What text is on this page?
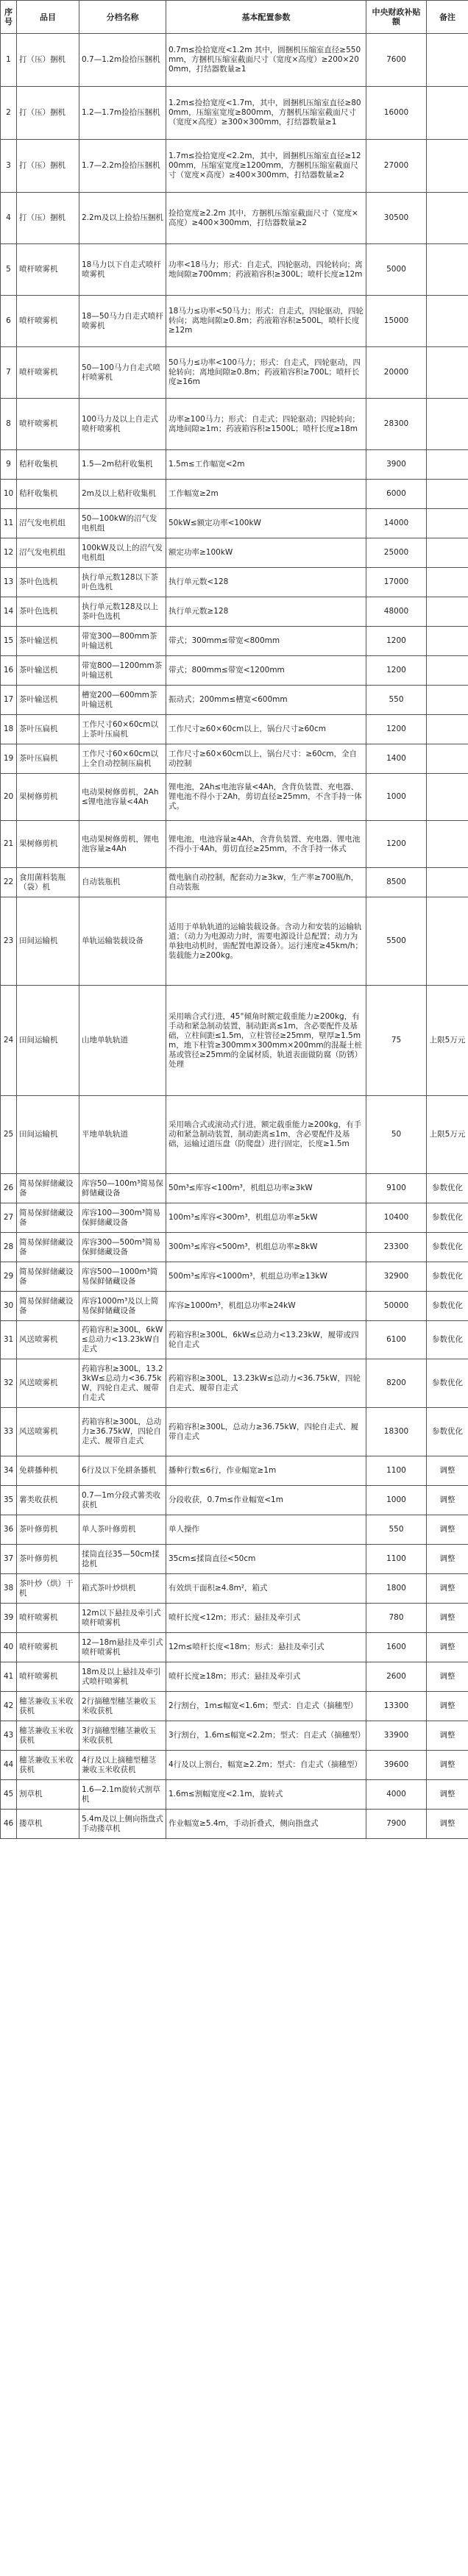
序号	品目	分档名称	基本配置参数	中央财政补贴额	备注
1	打（压）捆机	0.7—1.2m捡拾压捆机	0.7m≤捡拾宽度<1.2m 其中，圆捆机压缩室直径≥550mm，方捆机压缩室截面尺寸（宽度×高度）≥200×200mm，打结器数量≥1	7600	
2	打（压）捆机	1.2—1.7m捡拾压捆机	1.2m≤捡拾宽度<1.7m，其中，圆捆机压缩室直径≥800mm，压缩室宽度≥800mm，方捆机压缩室截面尺寸（宽度×高度）≥300×300mm，打结器数量≥1	16000	
3	打（压）捆机	1.7—2.2m捡拾压捆机	1.7m≤捡拾宽度<2.2m，其中，圆捆机压缩室直径≥1200mm，压缩室宽度≥1200mm，方捆机压缩室截面尺寸（宽度×高度）≥400×300mm，打结器数量≥2	27000	
4	打（压）捆机	2.2m及以上捡拾压捆机	捡拾宽度≥2.2m 其中，方捆机压缩室截面尺寸（宽度×高度）≥400×300mm，打结器数量≥2	30500	
5	喷杆喷雾机	18马力以下自走式喷杆喷雾机	功率<18马力；形式：自走式，四轮驱动，四轮转向；离地间隙≥700mm；药液箱容积≥300L；喷杆长度≥12m	5000	
6	喷杆喷雾机	18—50马力自走式喷杆喷雾机	18马力≤功率<50马力；形式：自走式，四轮驱动，四轮转向；离地间隙≥0.8m；药液箱容积≥500L，喷杆长度≥12m	15000	
7	喷杆喷雾机	50—100马力自走式喷杆喷雾机	50马力≤功率<100马力；形式：自走式，四轮驱动，四轮转向；离地间隙≥0.8m；药液箱容积≥700L；喷杆长度≥16m	20000	
8	喷杆喷雾机	100马力及以上自走式喷杆喷雾机	功率≥100马力；形式：自走式；四轮驱动；四轮转向；离地间隙≥1m；药液箱容积≥1500L；喷杆长度≥18m	28300	
9	秸秆收集机	1.5—2m秸秆收集机	1.5m≤工作幅宽<2m	3900	
10	秸秆收集机	2m及以上秸秆收集机	工作幅宽≥2m	6000	
11	沼气发电机组	50—100kW的沼气发电机组	50kW≤额定功率<100kW	14000	
12	沼气发电机组	100kW及以上的沼气发电机组	额定功率≥100kW	25000	
13	茶叶色选机	执行单元数128以下茶叶色选机	执行单元数<128	17000	
14	茶叶色选机	执行单元数128及以上茶叶色选机	执行单元数≥128	48000	
15	茶叶输送机	带宽300—800mm茶叶输送机	带式；300mm≤带宽<800mm	1200	
16	茶叶输送机	带宽800—1200mm茶叶输送机	带式；800mm≤带宽<1200mm	1200	
17	茶叶输送机	槽宽200—600mm茶叶输送机	振动式；200mm≤槽宽<600mm	550	
18	茶叶压扁机	工作尺寸60×60cm以上茶叶压扁机	工作尺寸≥60×60cm以上，锅台尺寸≥60cm	1200	
19	茶叶压扁机	工作尺寸60×60cm以上全自动控制压扁机	工作尺寸≥60×60cm以上，锅台尺寸：≥60cm，全自动控制	1400	
20	果树修剪机	电动果树修剪机，2Ah≤锂电池容量<4Ah	锂电池，2Ah≤电池容量<4Ah，含背负装置、充电器、锂电池不得小于2Ah，剪切直径≥25mm，不含手持一体式。	1000	
21	果树修剪机	电动果树修剪机，锂电池容量≥4Ah	锂电池，电池容量≥4Ah，含背负装置、充电器、锂电池不得小于4Ah，剪切直径≥25mm，不含手持一体式	1200	
22	食用菌料装瓶（袋）机	自动装瓶机	微电脑自动控制，配套动力≥3kw，生产率≥700瓶/h，自动装瓶	8500	
23	田间运输机	单轨运输装载设备	适用于单轨轨道的运输装载设备。含动力和安装的运输轨道；（动力为电源动力时，需要电源设计总配置；动力为单独电动机时，需配置电源设备）。运行速度≥45km/h；装载能力≥200kg。	5500	
24	田间运输机	山地单轨轨道	采用啮合式行进，45°倾角时额定载重能力≥200kg，有手动和紧急制动装置，制动距离≤1m，含必要配件及基础，立柱间距≤1.5m，立柱管径≥25mm，壁厚≥1.5mm，地下柱管≥300mm×300mm×200mm的混凝土桩基或管径≥25mm的金属材质，轨道表面做防腐（防锈）处理	75	上限5万元
25	田间运输机	平地单轨轨道	采用啮合式或滚动式行进，额定载重能力≥200kg，有手动和紧急制动装置，制动距离≤1m，含必要配件及基础，运输过道压盘（防爬盘）进行固定，长度≥1.5m	50	上限5万元
26	简易保鲜储藏设备	库容50—100m³简易保鲜储藏设备	50m³≤库容<100m³，机组总功率≥3kW	9100	参数优化
27	简易保鲜储藏设备	库容100—300m³简易保鲜储藏设备	100m³≤库容<300m³，机组总功率≥5kW	10400	参数优化
28	简易保鲜储藏设备	库容300—500m³简易保鲜储藏设备	300m³≤库容<500m³，机组总功率≥8kW	23300	参数优化
29	简易保鲜储藏设备	库容500—1000m³简易保鲜储藏设备	500m³≤库容<1000m³，机组总功率≥13kW	32900	参数优化
30	简易保鲜储藏设备	库容1000m³及以上简易保鲜储藏设备	库容≥1000m³，机组总功率≥24kW	50000	参数优化
31	风送喷雾机	药箱容积≥300L，6kW≤总动力<13.23kW自走式	药箱容积≥300L，6kW≤总动力<13.23kW，履带或四轮自走式	6100	参数优化
32	风送喷雾机	药箱容积≥300L，13.23kW≤总动力<36.75kW，四轮自走式、履带自走式	药箱容积≥300L，13.23kW≤总动力<36.75kW，四轮自走式、履带自走式	8200	参数优化
33	风送喷雾机	药箱容积≥300L，总动力≥36.75kW，四轮自走式、履带自走式	药箱容积≥300L，总动力≥36.75kW，四轮自走式、履带自走式	18300	参数优化
34	免耕播种机	6行及以下免耕条播机	播种行数≤6行，作业幅宽≥1m	1100	调整
35	薯类收获机	0.7—1m分段式薯类收获机	分段收获，0.7m≤作业幅宽<1m	1000	调整
36	茶叶修剪机	单人茶叶修剪机	单人操作	550	调整
37	茶叶修剪机	揉筒直径35—50cm揉捻机	35cm≤揉筒直径<50cm	1100	调整
38	茶叶炒（烘）干机	箱式茶叶炒烘机	有效烘干面积≥4.8m²，箱式	1800	调整
39	喷杆喷雾机	12m以下悬挂及牵引式喷杆喷雾机	喷杆长度<12m；形式：悬挂及牵引式	780	调整
40	喷杆喷雾机	12—18m悬挂及牵引式喷杆喷雾机	12m≤喷杆长度<18m；形式：悬挂及牵引式	1600	调整
41	喷杆喷雾机	18m及以上悬挂及牵引式喷杆喷雾机	喷杆长度≥18m；形式：悬挂及牵引式	2600	调整
42	穗茎兼收玉米收获机	2行摘穗型穗茎兼收玉米收获机	2行割台，1m≤幅宽<1.6m；型式：自走式（摘穗型）	13300	调整
43	穗茎兼收玉米收获机	3行摘穗型穗茎兼收玉米收获机	3行割台，1.6m≤幅宽<2.2m；型式：自走式（摘穗型）	33900	调整
44	穗茎兼收玉米收获机	4行及以上摘穗型穗茎兼收玉米收获机	4行及以上割台，幅宽≥2.2m；型式：自走式（摘穗型）	39600	调整
45	割草机	1.6—2.1m旋转式割草机	1.6m≤割幅宽度<2.1m，旋转式	4000	调整
46	搂草机	5.4m及以上侧向指盘式手动搂草机	作业幅宽≥5.4m，手动折叠式，侧向指盘式	7900	调整
